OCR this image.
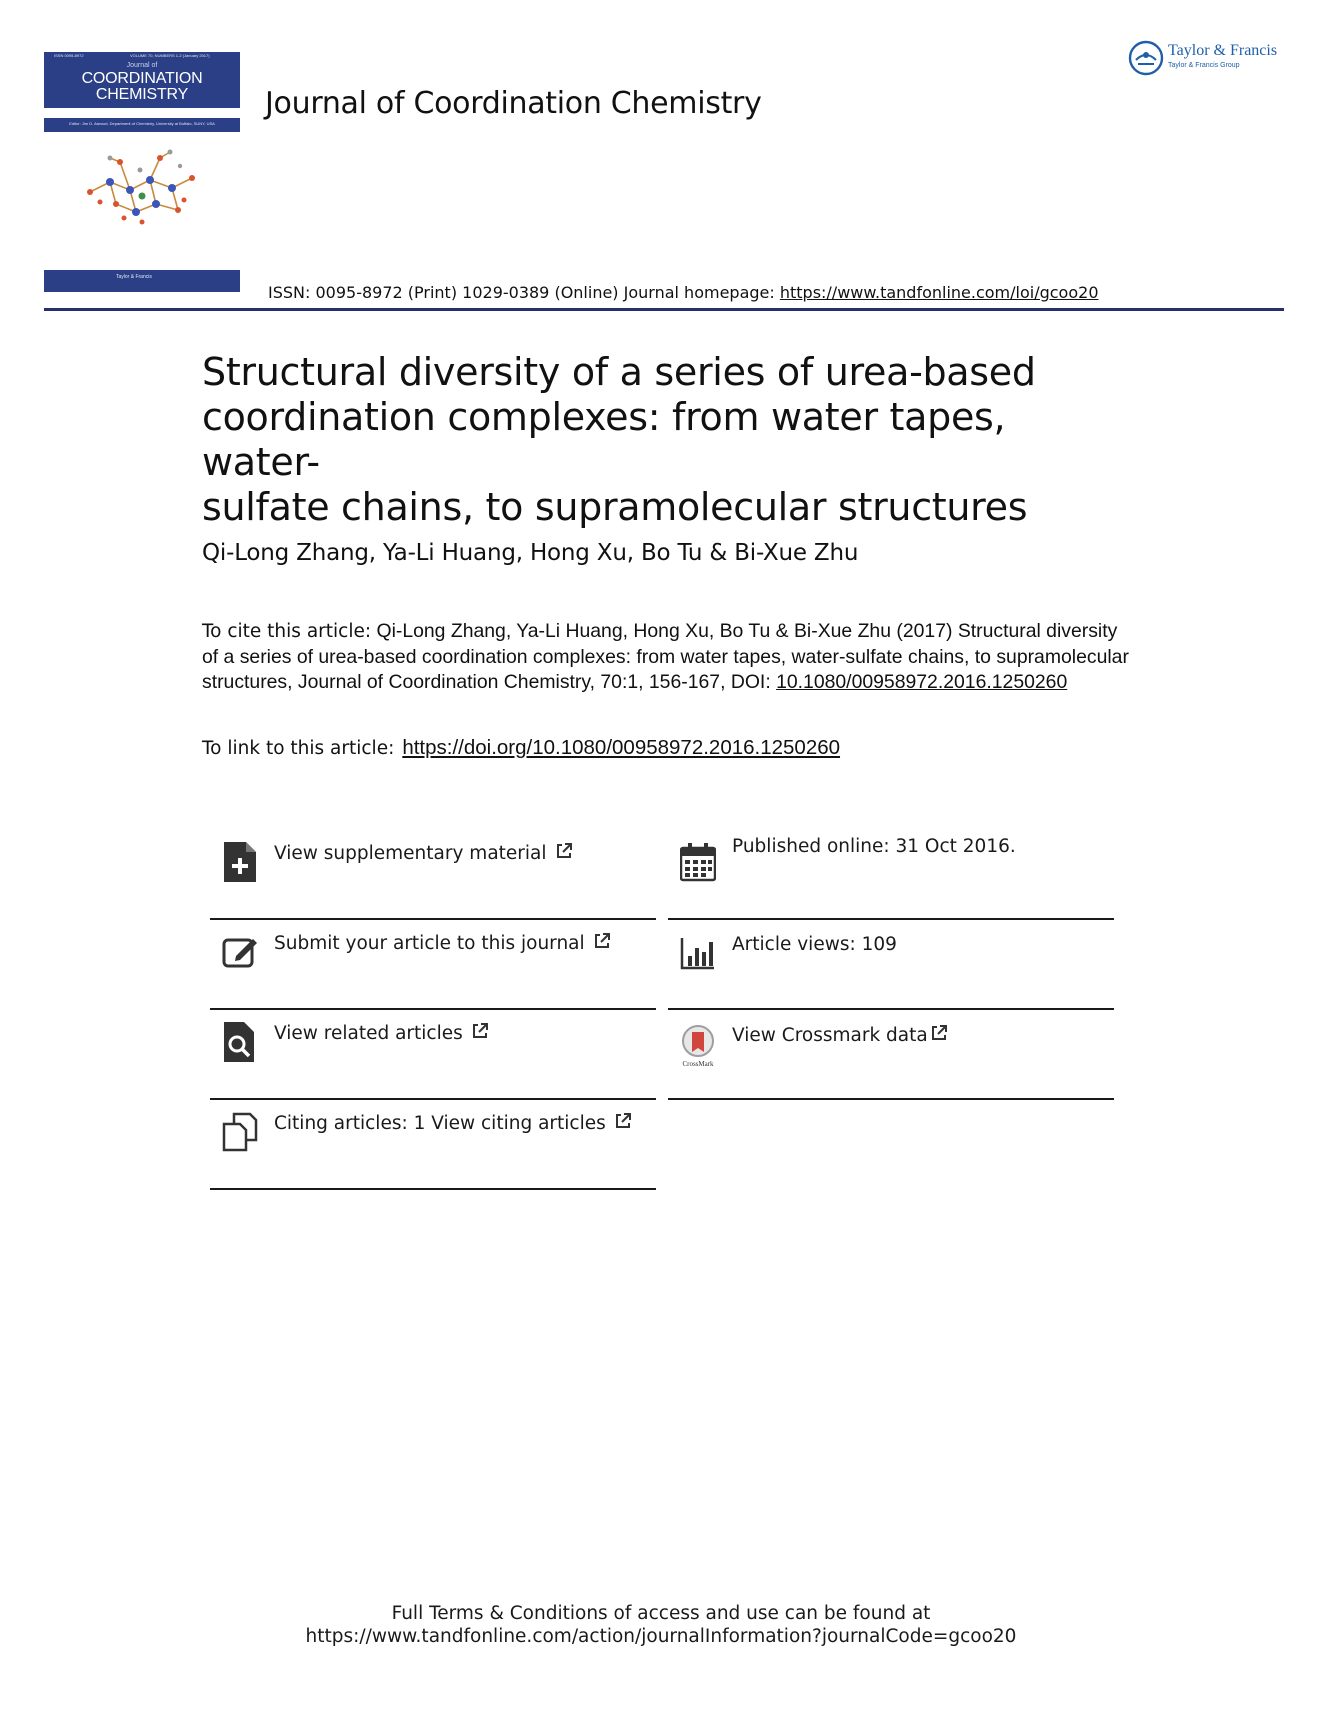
ISSN 0095-8972	VOLUME 70, NUMBERS 1-2 (January 2017)
Journal of
COORDINATION
CHEMISTRY
Editor: Jim D. Atwood, Department of Chemistry, University at Buffalo, SUNY, USA
Taylor & Francis
Journal of Coordination Chemistry
Taylor & Francis
Taylor & Francis Group
ISSN: 0095-8972 (Print) 1029-0389 (Online) Journal homepage: https://www.tandfonline.com/loi/gcoo20
Structural diversity of a series of urea-based
coordination complexes: from water tapes, water-
sulfate chains, to supramolecular structures
Qi-Long Zhang, Ya-Li Huang, Hong Xu, Bo Tu & Bi-Xue Zhu
To cite this article: Qi-Long Zhang, Ya-Li Huang, Hong Xu, Bo Tu & Bi-Xue Zhu (2017) Structural diversity of a series of urea-based coordination complexes: from water tapes, water-sulfate chains, to supramolecular structures, Journal of Coordination Chemistry, 70:1, 156-167, DOI: 10.1080/00958972.2016.1250260
To link to this article: https://doi.org/10.1080/00958972.2016.1250260
View supplementary material
Submit your article to this journal
View related articles
Citing articles: 1 View citing articles
Published online: 31 Oct 2016.
Article views: 109
CrossMark
View Crossmark data
Full Terms & Conditions of access and use can be found at
https://www.tandfonline.com/action/journalInformation?journalCode=gcoo20
